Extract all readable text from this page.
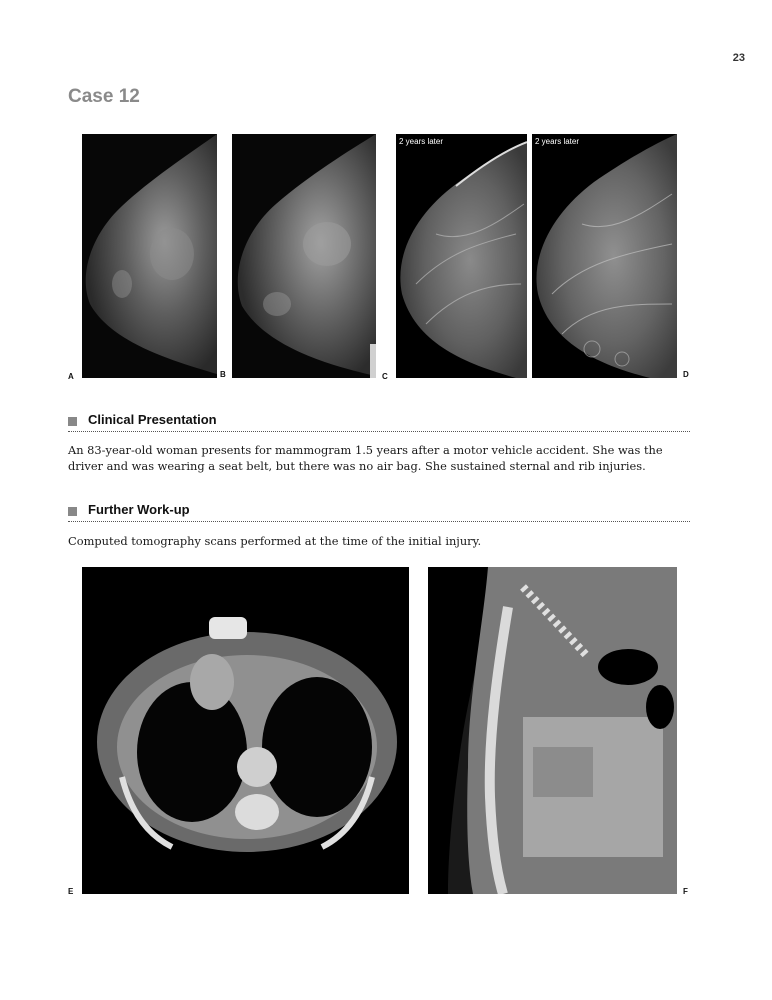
23
Case 12
A	B
2 years later
C
2 years later
D
Clinical Presentation

An 83-year-old woman presents for mammogram 1.5 years after a motor vehicle accident. She was the driver and was wearing a seat belt, but there was no air bag. She sustained sternal and rib injuries.

Further Work-up

Computed tomography scans performed at the time of the initial injury.

E	F
